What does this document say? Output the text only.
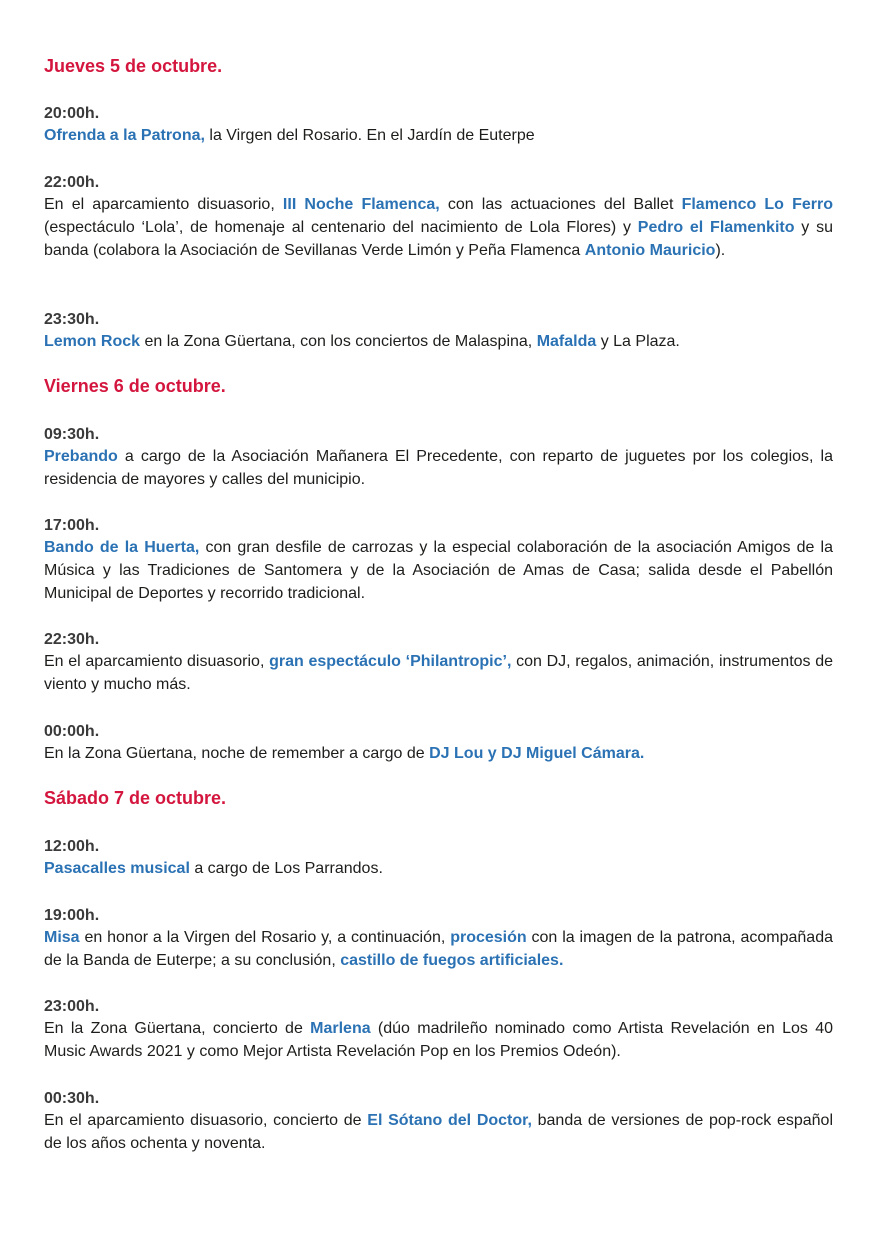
Jueves 5 de octubre.
20:00h.

Ofrenda a la Patrona, la Virgen del Rosario. En el Jardín de Euterpe

22:00h.

En el aparcamiento disuasorio, III Noche Flamenca, con las actuaciones del Ballet Flamenco Lo Ferro (espectáculo ‘Lola’, de homenaje al centenario del nacimiento de Lola Flores) y Pedro el Flamenkito y su banda (colabora la Asociación de Sevillanas Verde Limón y Peña Flamenca Antonio Mauricio).

23:30h.

Lemon Rock en la Zona Güertana, con los conciertos de Malaspina, Mafalda y La Plaza.

Viernes 6 de octubre.
09:30h.

Prebando a cargo de la Asociación Mañanera El Precedente, con reparto de juguetes por los colegios, la residencia de mayores y calles del municipio.

17:00h.

Bando de la Huerta, con gran desfile de carrozas y la especial colaboración de la asociación Amigos de la Música y las Tradiciones de Santomera y de la Asociación de Amas de Casa; salida desde el Pabellón Municipal de Deportes y recorrido tradicional.

22:30h.

En el aparcamiento disuasorio, gran espectáculo ‘Philantropic’, con DJ, regalos, animación, instrumentos de viento y mucho más.

00:00h.

En la Zona Güertana, noche de remember a cargo de DJ Lou y DJ Miguel Cámara.

Sábado 7 de octubre.
12:00h.

Pasacalles musical a cargo de Los Parrandos.

19:00h.

Misa en honor a la Virgen del Rosario y, a continuación, procesión con la imagen de la patrona, acompañada de la Banda de Euterpe; a su conclusión, castillo de fuegos artificiales.

23:00h.

En la Zona Güertana, concierto de Marlena (dúo madrileño nominado como Artista Revelación en Los 40 Music Awards 2021 y como Mejor Artista Revelación Pop en los Premios Odeón).

00:30h.

En el aparcamiento disuasorio, concierto de El Sótano del Doctor, banda de versiones de pop-rock español de los años ochenta y noventa.
